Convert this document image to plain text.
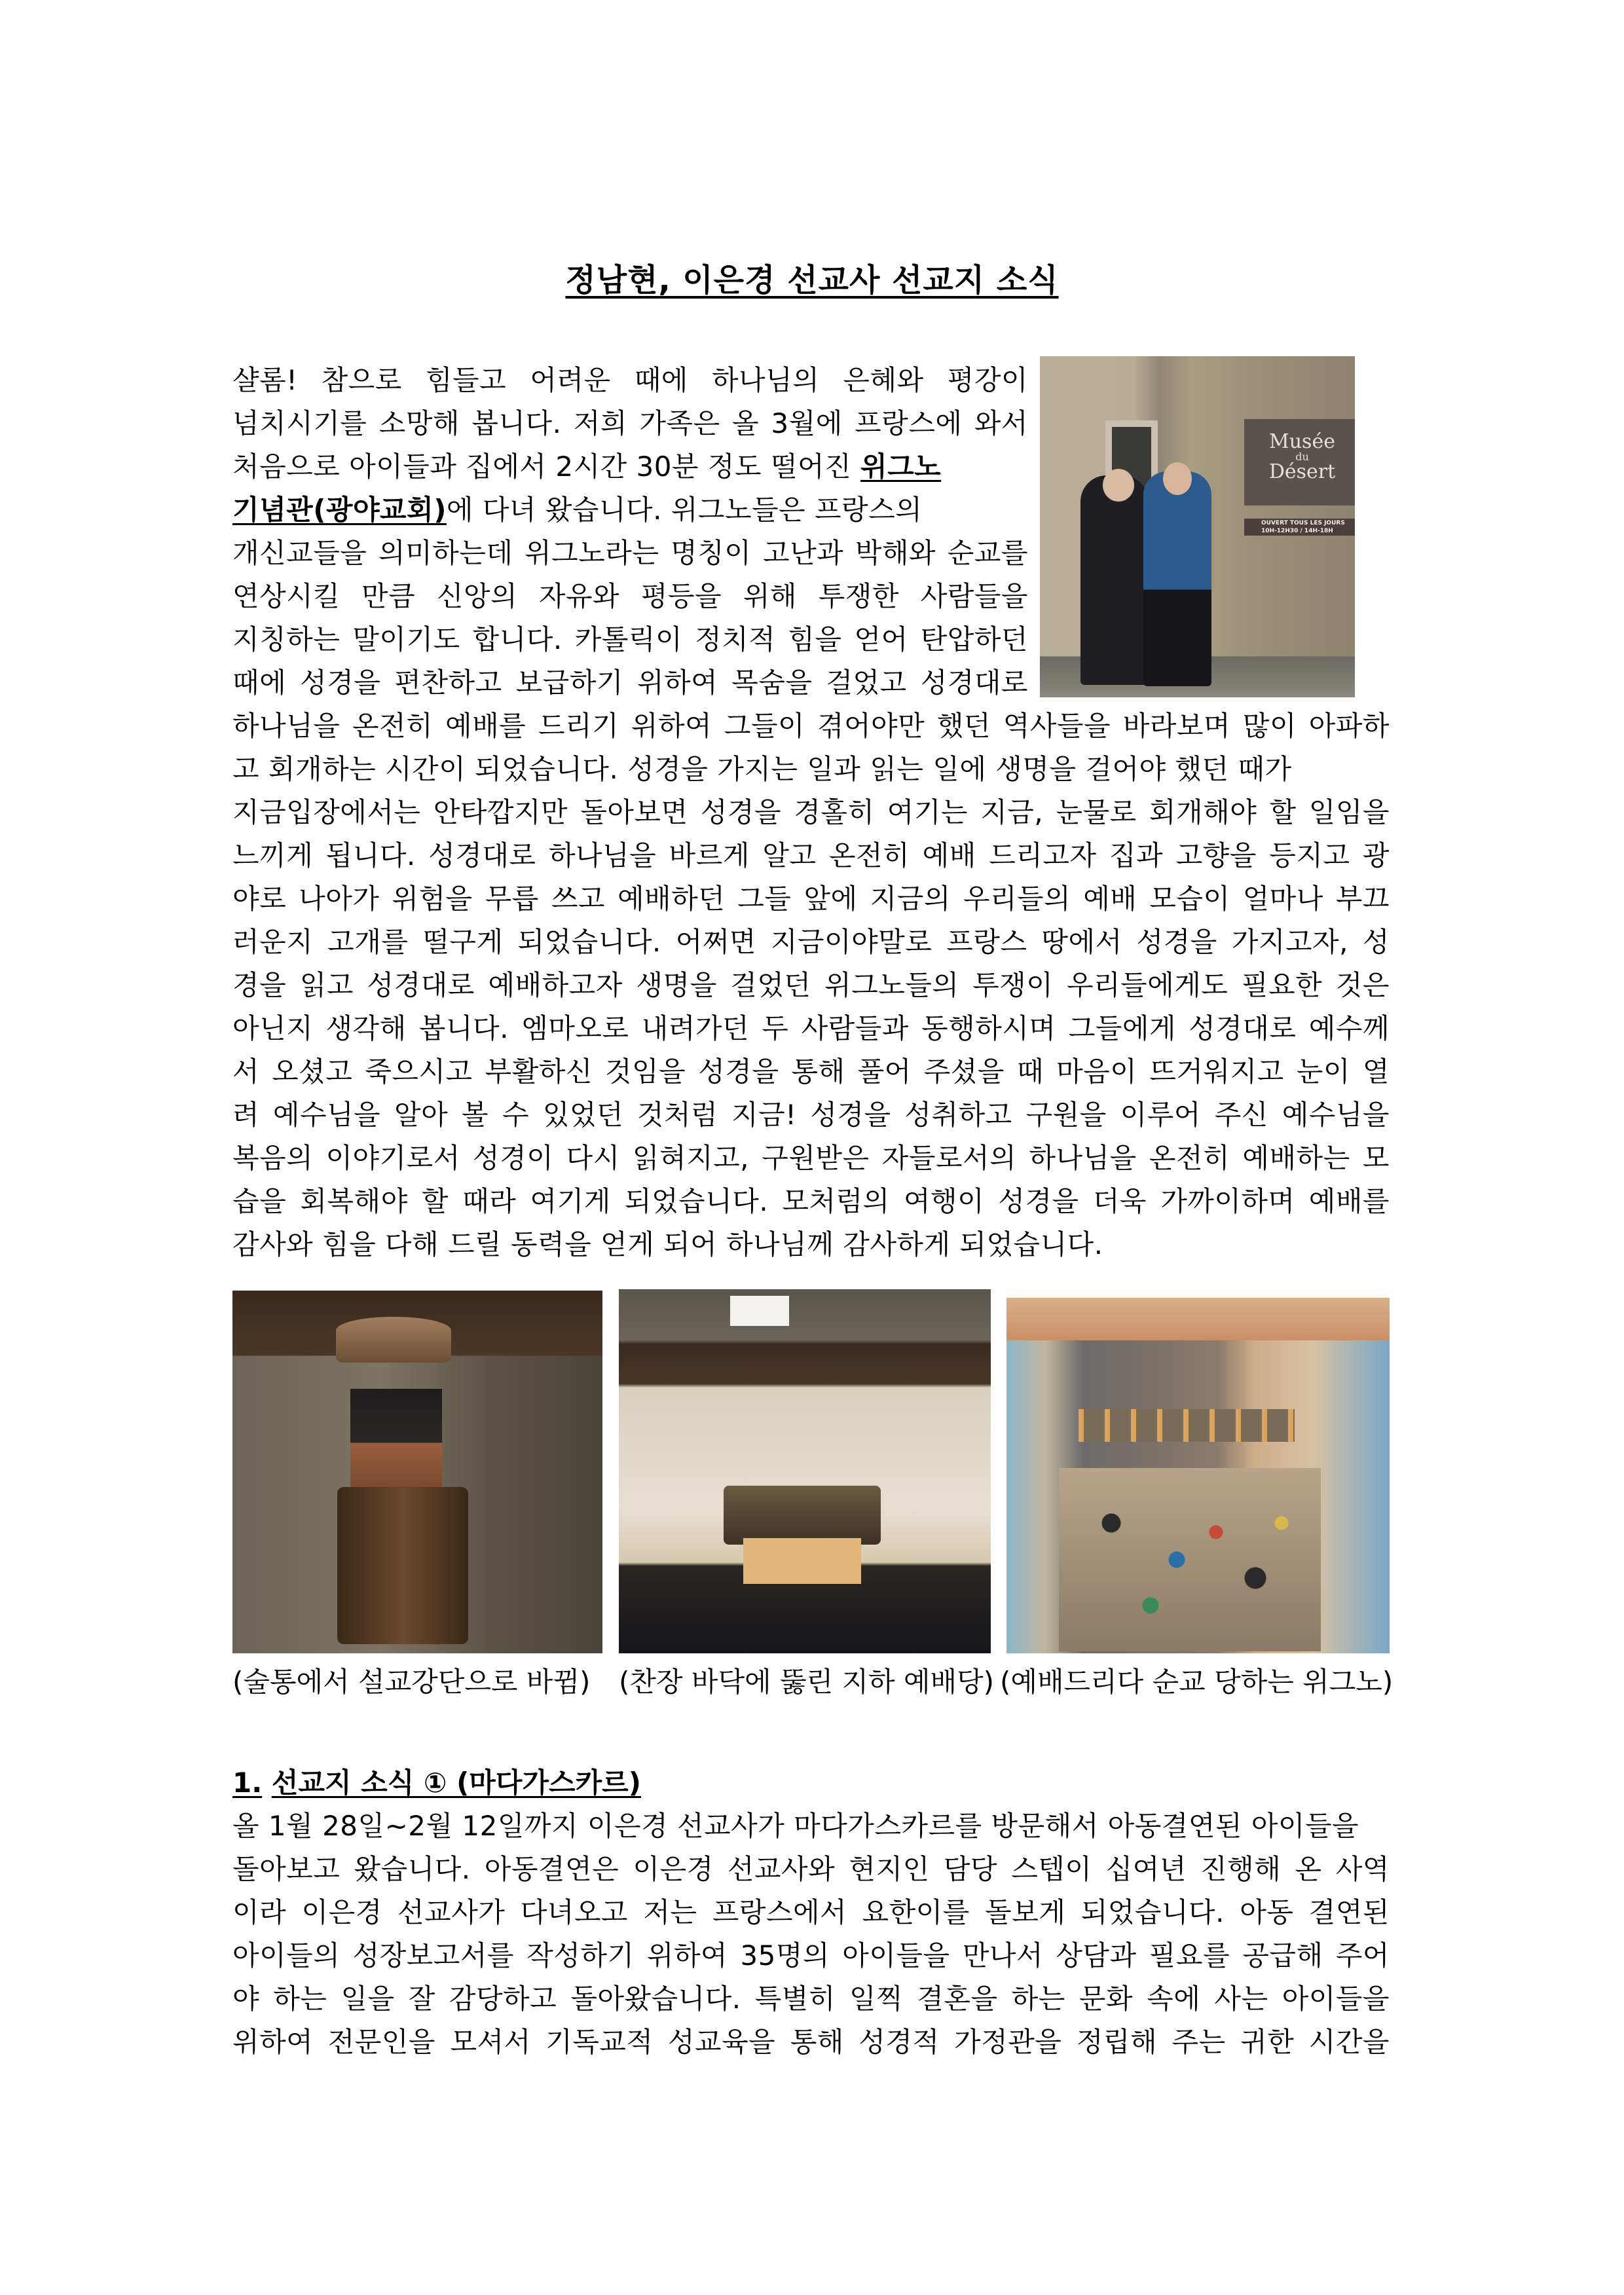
정남현, 이은경 선교사 선교지 소식
샬롬! 참으로 힘들고 어려운 때에 하나님의 은혜와 평강이
넘치시기를 소망해 봅니다. 저희 가족은 올 3월에 프랑스에 와서
처음으로 아이들과 집에서 2시간 30분 정도 떨어진 위그노
기념관(광야교회)에 다녀 왔습니다. 위그노들은 프랑스의
개신교들을 의미하는데 위그노라는 명칭이 고난과 박해와 순교를
연상시킬 만큼 신앙의 자유와 평등을 위해 투쟁한 사람들을
지칭하는 말이기도 합니다. 카톨릭이 정치적 힘을 얻어 탄압하던
때에 성경을 편찬하고 보급하기 위하여 목숨을 걸었고 성경대로
Musée
du
Désert
OUVERT TOUS LES JOURS
10H-12H30 / 14H-18H
하나님을 온전히 예배를 드리기 위하여 그들이 겪어야만 했던 역사들을 바라보며 많이 아파하
고 회개하는 시간이 되었습니다. 성경을 가지는 일과 읽는 일에 생명을 걸어야 했던 때가
지금입장에서는 안타깝지만 돌아보면 성경을 경홀히 여기는 지금, 눈물로 회개해야 할 일임을
느끼게 됩니다. 성경대로 하나님을 바르게 알고 온전히 예배 드리고자 집과 고향을 등지고 광
야로 나아가 위험을 무릅 쓰고 예배하던 그들 앞에 지금의 우리들의 예배 모습이 얼마나 부끄
러운지 고개를 떨구게 되었습니다. 어쩌면 지금이야말로 프랑스 땅에서 성경을 가지고자, 성
경을 읽고 성경대로 예배하고자 생명을 걸었던 위그노들의 투쟁이 우리들에게도 필요한 것은
아닌지 생각해 봅니다. 엠마오로 내려가던 두 사람들과 동행하시며 그들에게 성경대로 예수께
서 오셨고 죽으시고 부활하신 것임을 성경을 통해 풀어 주셨을 때 마음이 뜨거워지고 눈이 열
려 예수님을 알아 볼 수 있었던 것처럼 지금! 성경을 성취하고 구원을 이루어 주신 예수님을
복음의 이야기로서 성경이 다시 읽혀지고, 구원받은 자들로서의 하나님을 온전히 예배하는 모
습을 회복해야 할 때라 여기게 되었습니다. 모처럼의 여행이 성경을 더욱 가까이하며 예배를
감사와 힘을 다해 드릴 동력을 얻게 되어 하나님께 감사하게 되었습니다.
(술통에서 설교강단으로 바뀜) (찬장 바닥에 뚫린 지하 예배당) (예배드리다 순교 당하는 위그노)
1. 선교지 소식 ① (마다가스카르)
올 1월 28일~2월 12일까지 이은경 선교사가 마다가스카르를 방문해서 아동결연된 아이들을
돌아보고 왔습니다. 아동결연은 이은경 선교사와 현지인 담당 스텝이 십여년 진행해 온 사역
이라 이은경 선교사가 다녀오고 저는 프랑스에서 요한이를 돌보게 되었습니다. 아동 결연된
아이들의 성장보고서를 작성하기 위하여 35명의 아이들을 만나서 상담과 필요를 공급해 주어
야 하는 일을 잘 감당하고 돌아왔습니다. 특별히 일찍 결혼을 하는 문화 속에 사는 아이들을
위하여 전문인을 모셔서 기독교적 성교육을 통해 성경적 가정관을 정립해 주는 귀한 시간을
